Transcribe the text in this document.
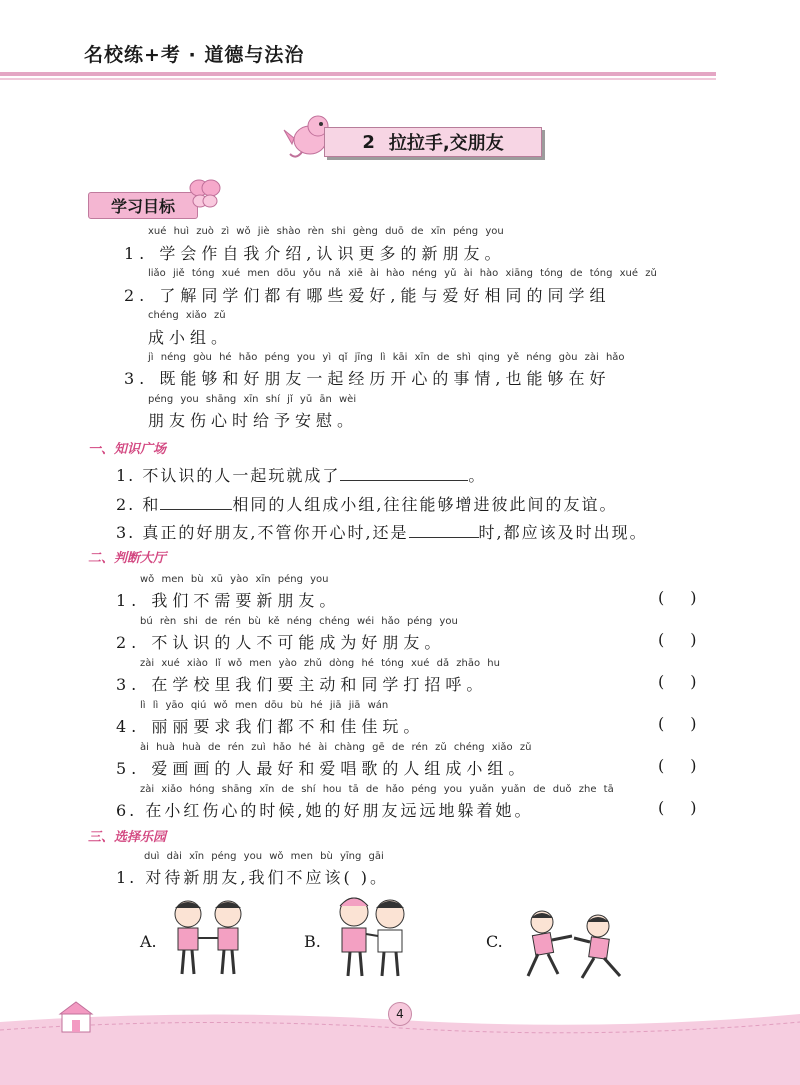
名校练+考 · 道德与法治
2 拉拉手,交朋友
学习目标
xué huì zuò zì wǒ jiè shào rèn shi gèng duō de xīn péng you
1. 学会作自我介绍,认识更多的新朋友。
liǎo jiě tóng xué men dōu yǒu nǎ xiē ài hào néng yǔ ài hào xiāng tóng de tóng xué zǔ
2. 了解同学们都有哪些爱好,能与爱好相同的同学组
chéng xiǎo zǔ
成小组。
jì néng gòu hé hǎo péng you yì qǐ jīng lì kāi xīn de shì qing yě néng gòu zài hǎo
3. 既能够和好朋友一起经历开心的事情,也能够在好
péng you shāng xīn shí jǐ yǔ ān wèi
朋友伤心时给予安慰。
一、知识广场
1. 不认识的人一起玩就成了	。
2. 和	相同的人组成小组,往往能够增进彼此间的友谊。
3. 真正的好朋友,不管你开心时,还是	时,都应该及时出现。
二、判断大厅
wǒ men bù xū yào xīn péng you
1. 我们不需要新朋友。	()
bú rèn shi de rén bù kě néng chéng wéi hǎo péng you
2. 不认识的人不可能成为好朋友。	()
zài xué xiào lǐ wǒ men yào zhǔ dòng hé tóng xué dǎ zhāo hu
3. 在学校里我们要主动和同学打招呼。	()
lì lì yāo qiú wǒ men dōu bù hé jiā jiā wán
4. 丽丽要求我们都不和佳佳玩。	()
ài huà huà de rén zuì hǎo hé ài chàng gē de rén zǔ chéng xiǎo zǔ
5. 爱画画的人最好和爱唱歌的人组成小组。	()
zài xiǎo hóng shāng xīn de shí hou tā de hǎo péng you yuǎn yuǎn de duǒ zhe tā
6. 在小红伤心的时候,她的好朋友远远地躲着她。	()
三、选择乐园
duì dài xīn péng you wǒ men bù yīng gāi
1. 对待新朋友,我们不应该( )。
A.	B.	C.
4
